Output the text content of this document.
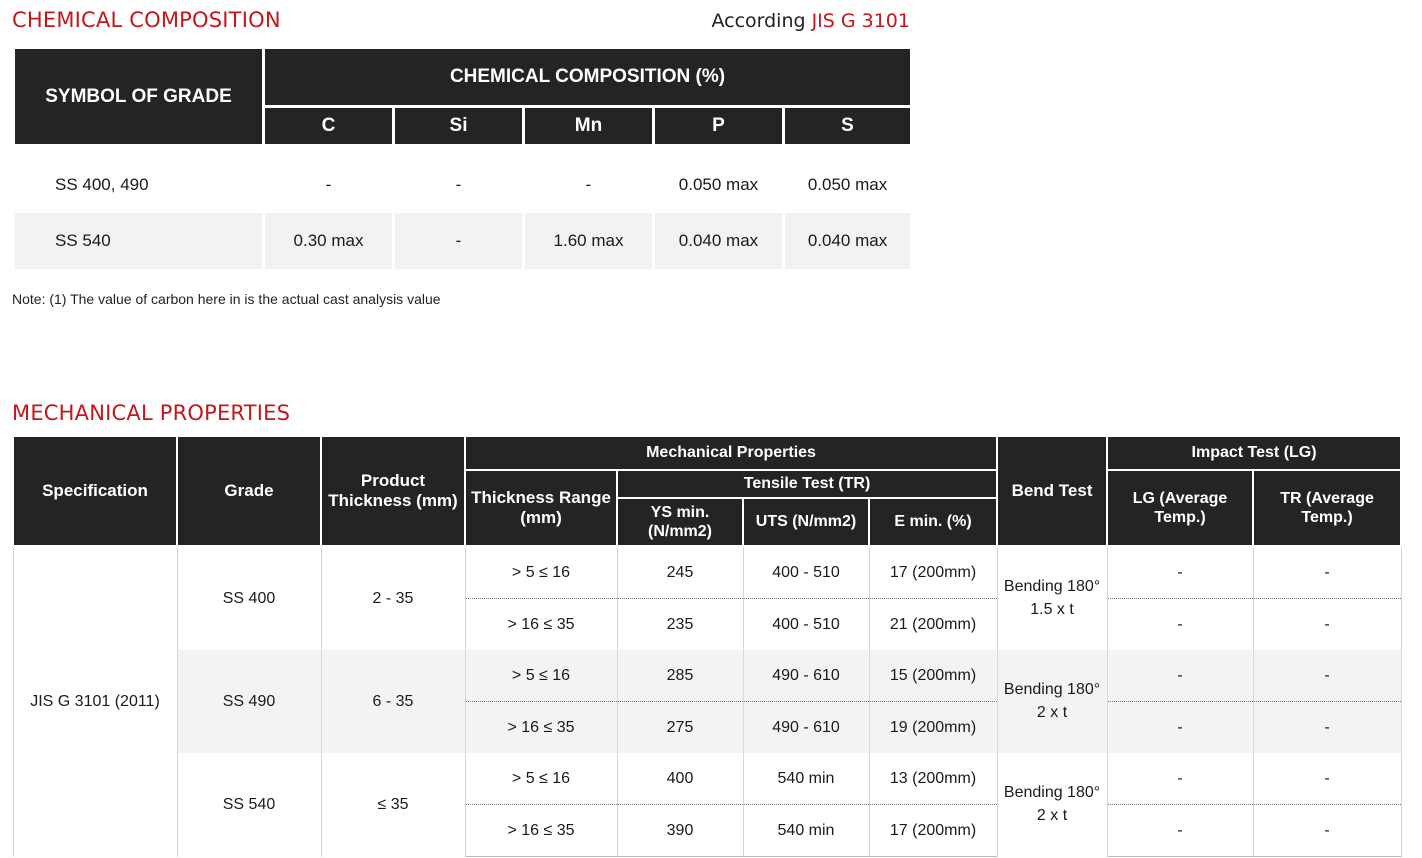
CHEMICAL COMPOSITION	According JIS G 3101
SYMBOL OF GRADE	CHEMICAL COMPOSITION (%)				
	C	Si	Mn	P	S

SS 400, 490	-	-	-	0.050 max	0.050 max
SS 540	0.30 max	-	1.60 max	0.040 max	0.040 max
Note: (1) The value of carbon here in is the actual cast analysis value
MECHANICAL PROPERTIES
Specification	Grade	Product Thickness (mm)	Mechanical Properties				Bend Test	Impact Test (LG)	
			Thickness Range (mm)	Tensile Test (TR)				LG (Average Temp.)	TR (Average Temp.)
				YS min. (N/mm2)	UTS (N/mm2)	E min. (%)			
JIS G 3101 (2011)	SS 400	2 - 35	> 5 ≤ 16	245	400 - 510	17 (200mm)	Bending 180° 1.5 x t	-	-
			> 16 ≤ 35	235	400 - 510	21 (200mm)		-	-
	SS 490	6 - 35	> 5 ≤ 16	285	490 - 610	15 (200mm)	Bending 180° 2 x t	-	-
			> 16 ≤ 35	275	490 - 610	19 (200mm)		-	-
	SS 540	≤ 35	> 5 ≤ 16	400	540 min	13 (200mm)	Bending 180° 2 x t	-	-
			> 16 ≤ 35	390	540 min	17 (200mm)		-	-
